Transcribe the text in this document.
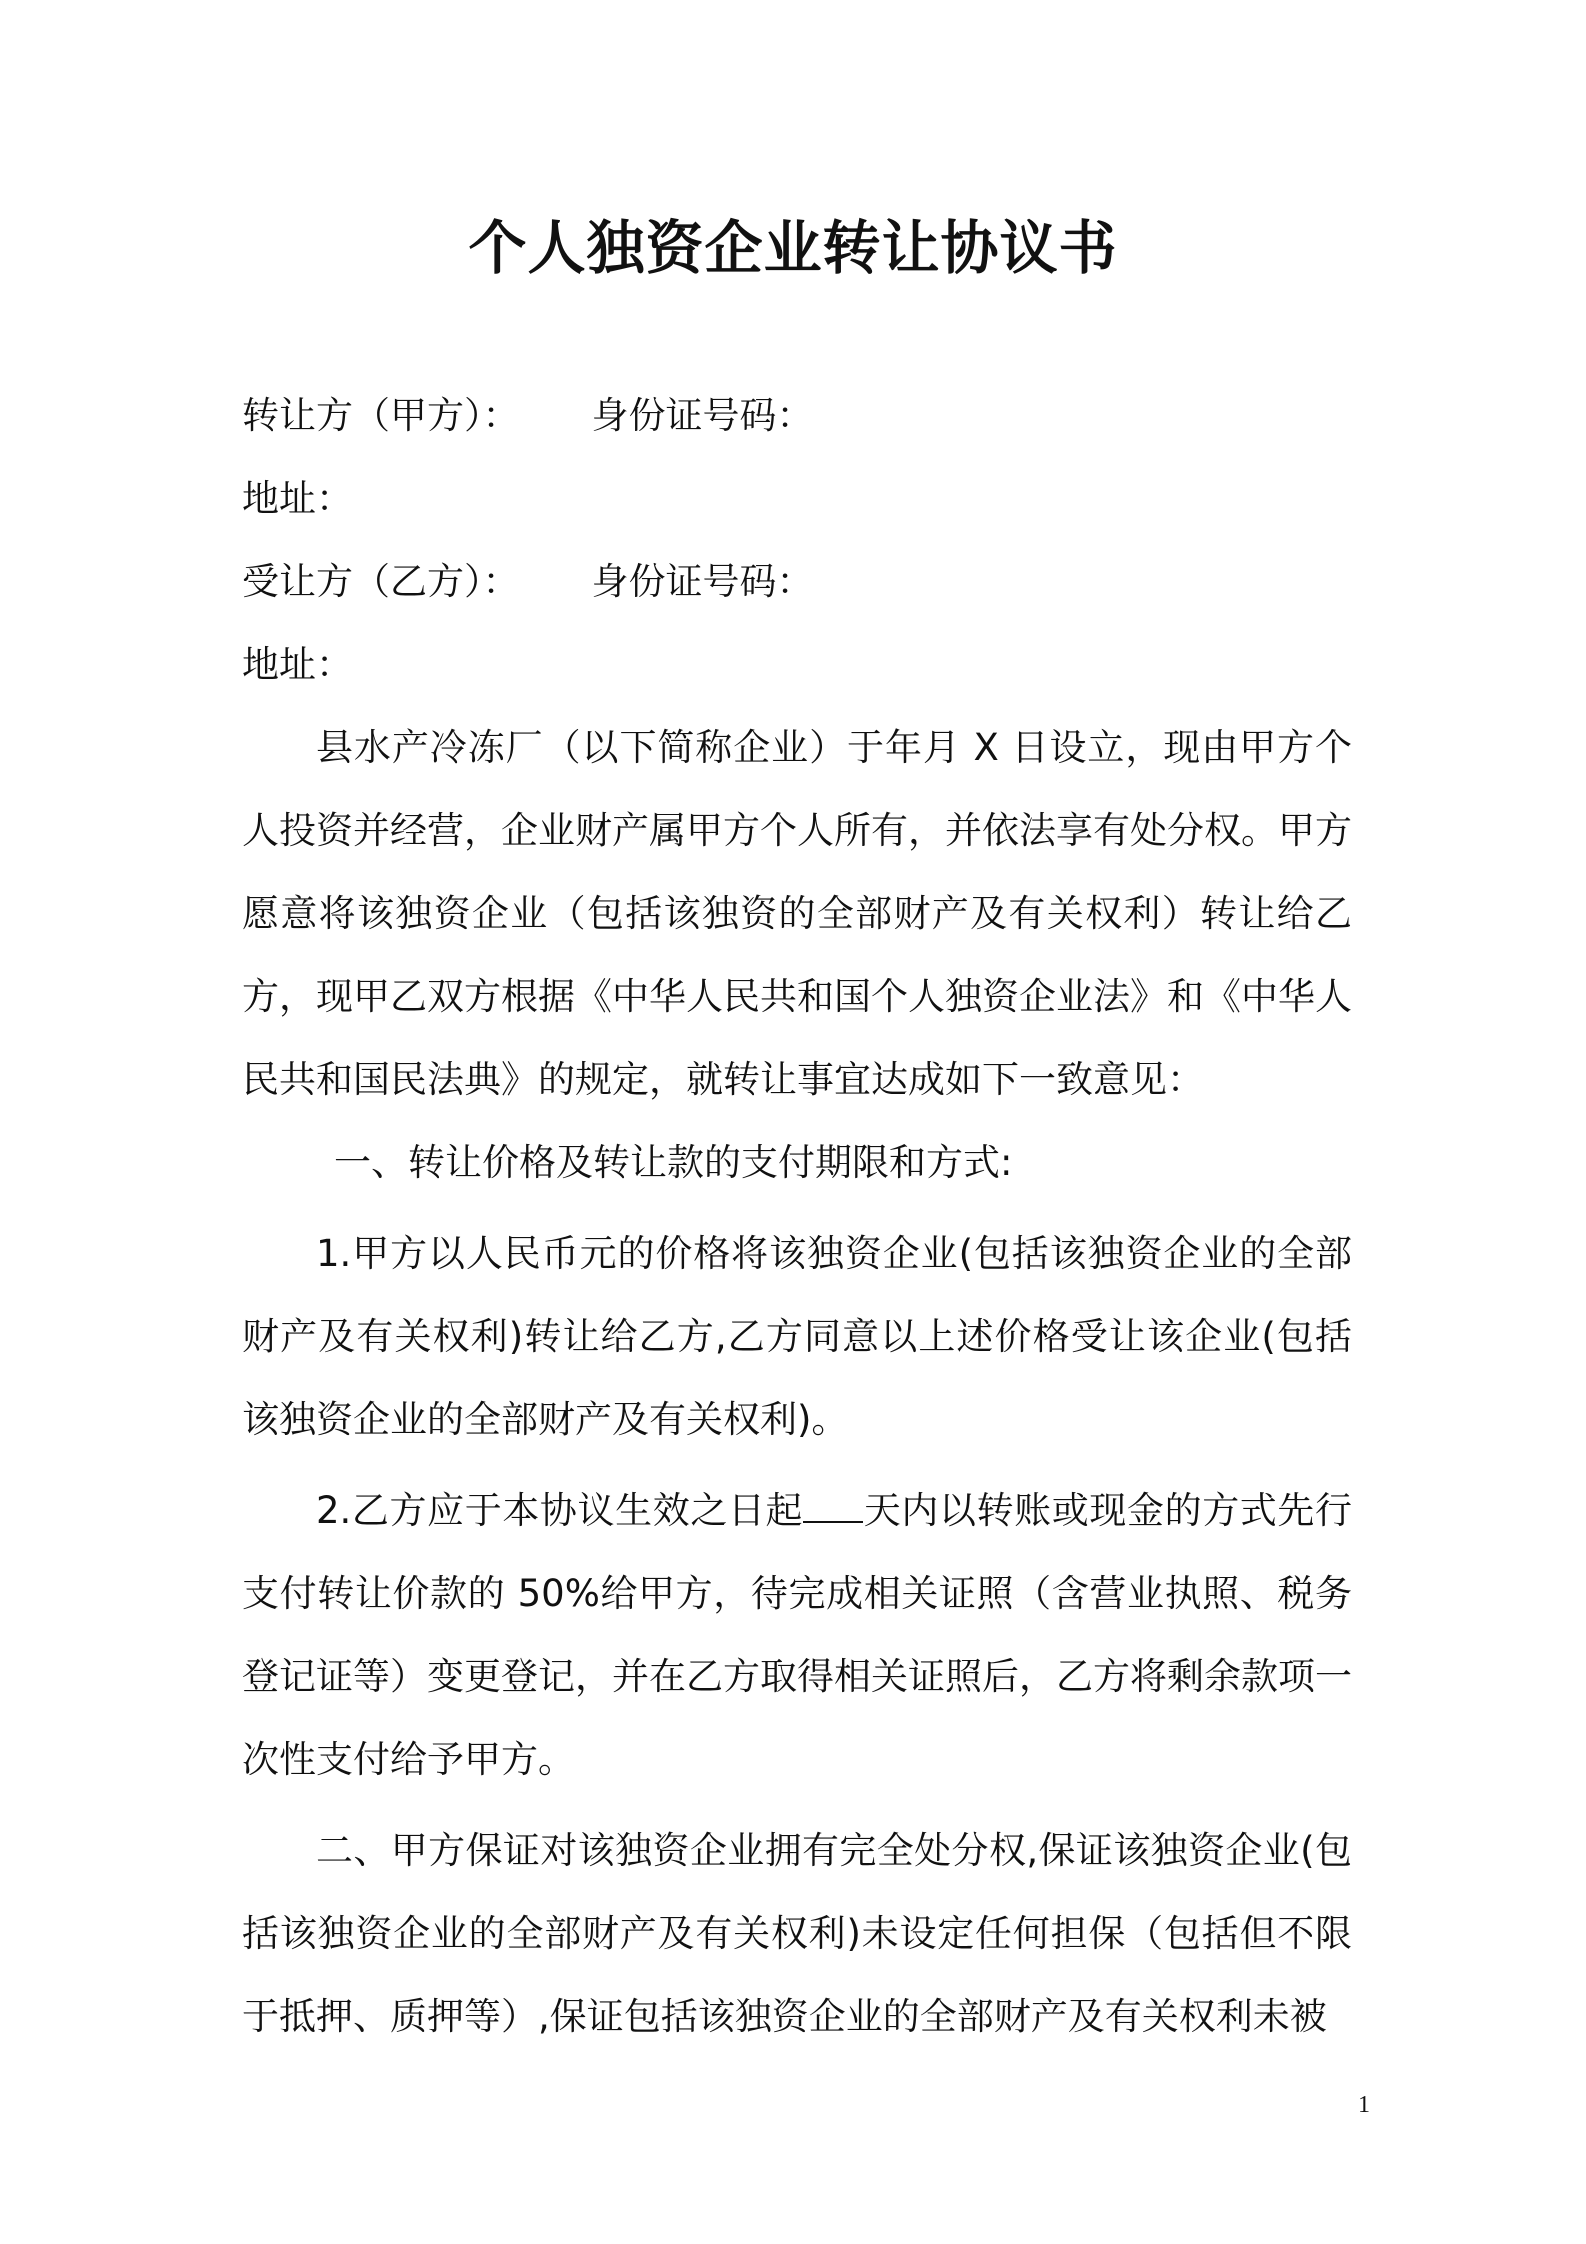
个人独资企业转让协议书

转让方（甲方）： 身份证号码：

地址：

受让方（乙方）： 身份证号码：

地址：

县水产冷冻厂（以下简称企业）于年月 X 日设立，现由甲方个人投资并经营，企业财产属甲方个人所有，并依法享有处分权。甲方愿意将该独资企业（包括该独资的全部财产及有关权利）转让给乙方，现甲乙双方根据《中华人民共和国个人独资企业法》和《中华人民共和国民法典》的规定，就转让事宜达成如下一致意见：

一、转让价格及转让款的支付期限和方式:

1.甲方以人民币元的价格将该独资企业(包括该独资企业的全部财产及有关权利)转让给乙方,乙方同意以上述价格受让该企业(包括该独资企业的全部财产及有关权利)。

2.乙方应于本协议生效之日起 天内以转账或现金的方式先行支付转让价款的 50%给甲方，待完成相关证照（含营业执照、税务登记证等）变更登记，并在乙方取得相关证照后，乙方将剩余款项一次性支付给予甲方。

二、甲方保证对该独资企业拥有完全处分权,保证该独资企业(包括该独资企业的全部财产及有关权利)未设定任何担保（包括但不限于抵押、质押等）,保证包括该独资企业的全部财产及有关权利未被

1
